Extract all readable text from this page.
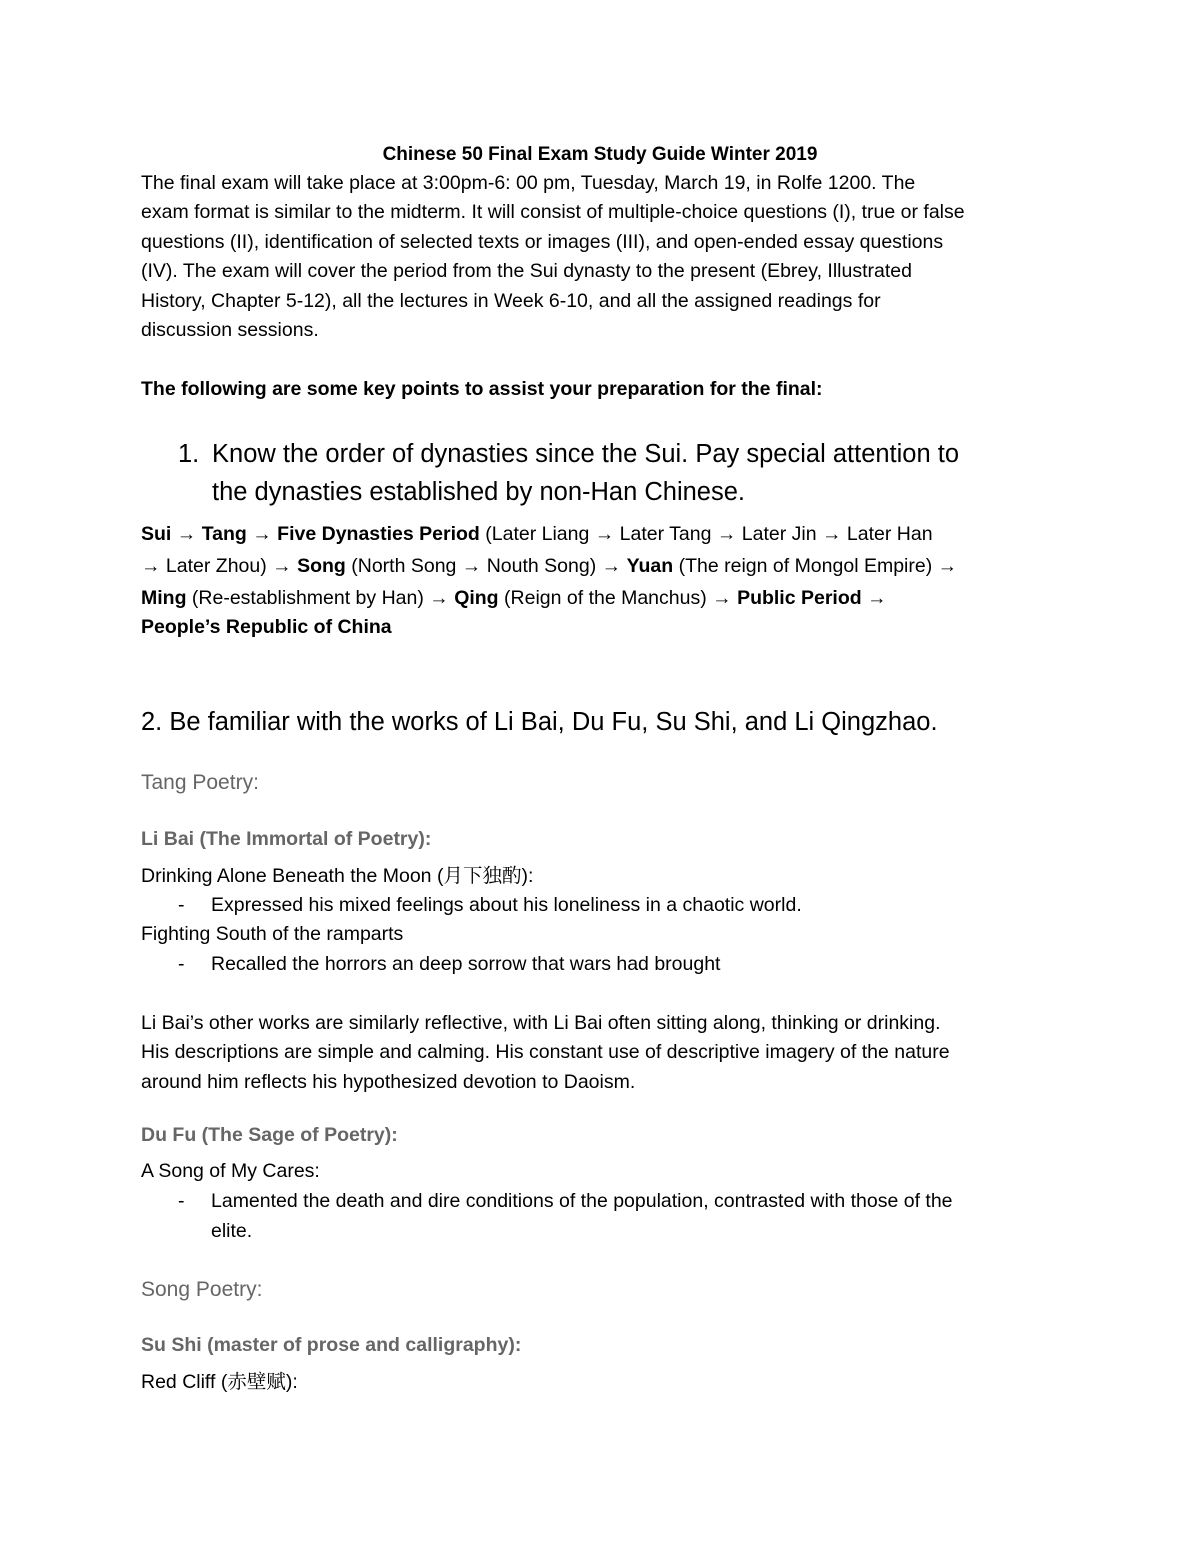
Chinese 50 Final Exam Study Guide Winter 2019
The final exam will take place at 3:00pm-6: 00 pm, Tuesday, March 19, in Rolfe 1200. The
exam format is similar to the midterm. It will consist of multiple-choice questions (I), true or false
questions (II), identification of selected texts or images (III), and open-ended essay questions
(IV). The exam will cover the period from the Sui dynasty to the present (Ebrey, Illustrated
History, Chapter 5-12), all the lectures in Week 6-10, and all the assigned readings for
discussion sessions.
The following are some key points to assist your preparation for the final:
1. Know the order of dynasties since the Sui. Pay special attention to
the dynasties established by non-Han Chinese.
Sui → Tang → Five Dynasties Period (Later Liang → Later Tang → Later Jin → Later Han
→ Later Zhou) → Song (North Song → Nouth Song) → Yuan (The reign of Mongol Empire) →
Ming (Re-establishment by Han) → Qing (Reign of the Manchus) → Public Period →
People’s Republic of China
2. Be familiar with the works of Li Bai, Du Fu, Su Shi, and Li Qingzhao.
Tang Poetry:
Li Bai (The Immortal of Poetry):
Drinking Alone Beneath the Moon (月下独酌):
- Expressed his mixed feelings about his loneliness in a chaotic world.
Fighting South of the ramparts
- Recalled the horrors an deep sorrow that wars had brought
Li Bai’s other works are similarly reflective, with Li Bai often sitting along, thinking or drinking.
His descriptions are simple and calming. His constant use of descriptive imagery of the nature
around him reflects his hypothesized devotion to Daoism.
Du Fu (The Sage of Poetry):
A Song of My Cares:
- Lamented the death and dire conditions of the population, contrasted with those of the
elite.
Song Poetry:
Su Shi (master of prose and calligraphy):
Red Cliff (赤壁赋):
